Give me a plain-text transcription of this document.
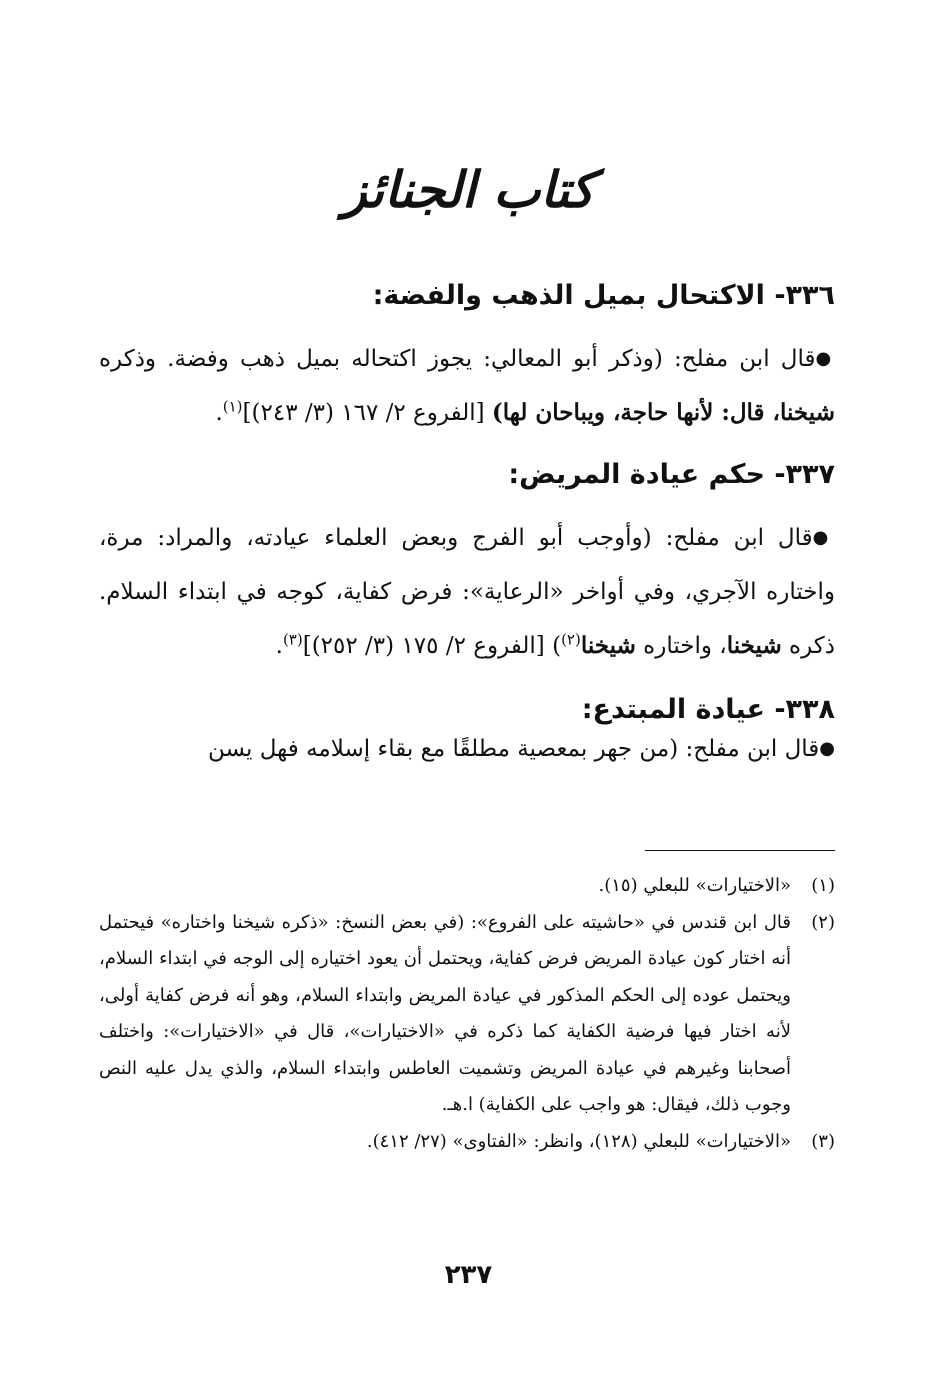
كتاب الجنائز
٣٣٦- الاكتحال بميل الذهب والفضة:
●قال ابن مفلح: (وذكر أبو المعالي: يجوز اكتحاله بميل ذهب وفضة. وذكره شيخنا، قال: لأنها حاجة، ويباحان لها) [الفروع ٢/ ١٦٧ (٣/ ٢٤٣)]$^{(١)}$.
٣٣٧- حكم عيادة المريض:
●قال ابن مفلح: (وأوجب أبو الفرج وبعض العلماء عيادته، والمراد: مرة، واختاره الآجري، وفي أواخر «الرعاية»: فرض كفاية، كوجه في ابتداء السلام. ذكره شيخنا، واختاره شيخنا$^{(٢)}$) [الفروع ٢/ ١٧٥ (٣/ ٢٥٢)]$^{(٣)}$.
٣٣٨- عيادة المبتدع:
●قال ابن مفلح: (من جهر بمعصية مطلقًا مع بقاء إسلامه فهل يسن
(١)
«الاختيارات» للبعلي (١٥).
(٢)
قال ابن قندس في «حاشيته على الفروع»: (في بعض النسخ: «ذكره شيخنا واختاره» فيحتمل أنه اختار كون عيادة المريض فرض كفاية، ويحتمل أن يعود اختياره إلى الوجه في ابتداء السلام، ويحتمل عوده إلى الحكم المذكور في عيادة المريض وابتداء السلام، وهو أنه فرض كفاية أولى، لأنه اختار فيها فرضية الكفاية كما ذكره في «الاختيارات»، قال في «الاختيارات»: واختلف أصحابنا وغيرهم في عيادة المريض وتشميت العاطس وابتداء السلام، والذي يدل عليه النص وجوب ذلك، فيقال: هو واجب على الكفاية) ا.هـ.
(٣)
«الاختيارات» للبعلي (١٢٨)، وانظر: «الفتاوى» (٢٧/ ٤١٢).
٢٣٧
